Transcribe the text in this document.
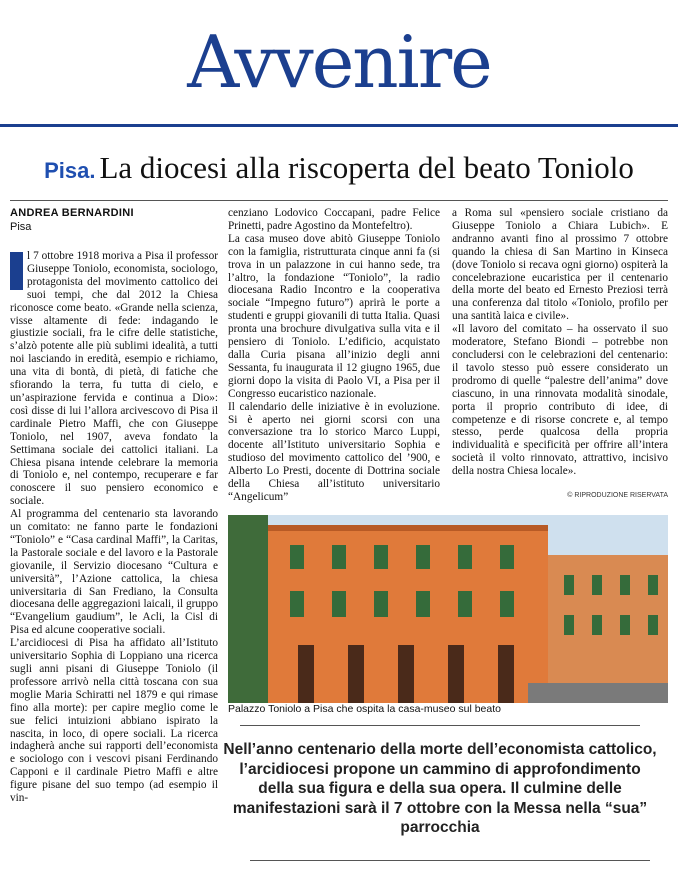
Avvenire
Pisa. La diocesi alla riscoperta del beato Toniolo
ANDREA BERNARDINI
Pisa

l 7 ottobre 1918 moriva a Pisa il professor Giuseppe Toniolo, economista, sociologo, protagonista del movimento cattolico dei suoi tempi, che dal 2012 la Chiesa riconosce come beato. «Grande nella scienza, visse altamente di fede: indagando le giustizie sociali, fra le cifre delle statistiche, s’alzò potente alle più sublimi idealità, a tutti noi lasciando in eredità, esempio e richiamo, una vita di bontà, di pietà, di fatiche che sfiorando la terra, fu tutta di cielo, e un’aspirazione fervida e continua a Dio»: così disse di lui l’allora arcivescovo di Pisa il cardinale Pietro Maffi, che con Giuseppe Toniolo, nel 1907, aveva fondato la Settimana sociale dei cattolici italiani. La Chiesa pisana intende celebrare la memoria di Toniolo e, nel contempo, recuperare e far conoscere il suo pensiero economico e sociale.

Al programma del centenario sta lavorando un comitato: ne fanno parte le fondazioni “Toniolo” e “Casa cardinal Maffi”, la Caritas, la Pastorale sociale e del lavoro e la Pastorale giovanile, il Servizio diocesano “Cultura e università”, l’Azione cattolica, la chiesa universitaria di San Frediano, la Consulta diocesana delle aggregazioni laicali, il gruppo “Evangelium gaudium”, le Acli, la Cisl di Pisa ed alcune cooperative sociali.

L’arcidiocesi di Pisa ha affidato all’Istituto universitario Sophia di Loppiano una ricerca sugli anni pisani di Giuseppe Toniolo (il professore arrivò nella città toscana con sua moglie Maria Schiratti nel 1879 e qui rimase fino alla morte): per capire meglio come le sue felici intuizioni abbiano ispirato la nascita, in loco, di opere sociali. La ricerca indagherà anche sui rapporti dell’economista e sociologo con i vescovi pisani Ferdinando Capponi e il cardinale Pietro Maffi e altre figure pisane del suo tempo (ad esempio il vin-

cenziano Lodovico Coccapani, padre Felice Prinetti, padre Agostino da Montefeltro).

La casa museo dove abitò Giuseppe Toniolo con la famiglia, ristrutturata cinque anni fa (si trova in un palazzone in cui hanno sede, tra l’altro, la fondazione “Toniolo”, la radio diocesana Radio Incontro e la cooperativa sociale “Impegno futuro”) aprirà le porte a studenti e gruppi giovanili di tutta Italia. Quasi pronta una brochure divulgativa sulla vita e il pensiero di Toniolo. L’edificio, acquistato dalla Curia pisana all’inizio degli anni Sessanta, fu inaugurata il 12 giugno 1965, due giorni dopo la visita di Paolo VI, a Pisa per il Congresso eucaristico nazionale.

Il calendario delle iniziative è in evoluzione. Si è aperto nei giorni scorsi con una conversazione tra lo storico Marco Luppi, docente all’Istituto universitario Sophia e studioso del movimento cattolico del ’900, e Alberto Lo Presti, docente di Dottrina sociale della Chiesa all’istituto universitario “Angelicum”

a Roma sul «pensiero sociale cristiano da Giuseppe Toniolo a Chiara Lubich». E andranno avanti fino al prossimo 7 ottobre quando la chiesa di San Martino in Kinseca (dove Toniolo si recava ogni giorno) ospiterà la concelebrazione eucaristica per il centenario della morte del beato ed Ernesto Preziosi terrà una conferenza dal titolo «Toniolo, profilo per una santità laica e civile».

«Il lavoro del comitato – ha osservato il suo moderatore, Stefano Biondi – potrebbe non concludersi con le celebrazioni del centenario: il tavolo stesso può essere considerato un prodromo di quelle “palestre dell’anima” dove ciascuno, in una rinnovata modalità sinodale, porta il proprio contributo di idee, di competenze e di risorse concrete e, al tempo stesso, perde qualcosa della propria individualità e specificità per offrire all’intera società il volto rinnovato, attrattivo, incisivo della nostra Chiesa locale».

© RIPRODUZIONE RISERVATA
Palazzo Toniolo a Pisa che ospita la casa-museo sul beato
Nell’anno centenario della morte dell’economista cattolico, l’arcidiocesi propone un cammino di approfondimento della sua figura e della sua opera. Il culmine delle manifestazioni sarà il 7 ottobre con la Messa nella “sua” parrocchia
